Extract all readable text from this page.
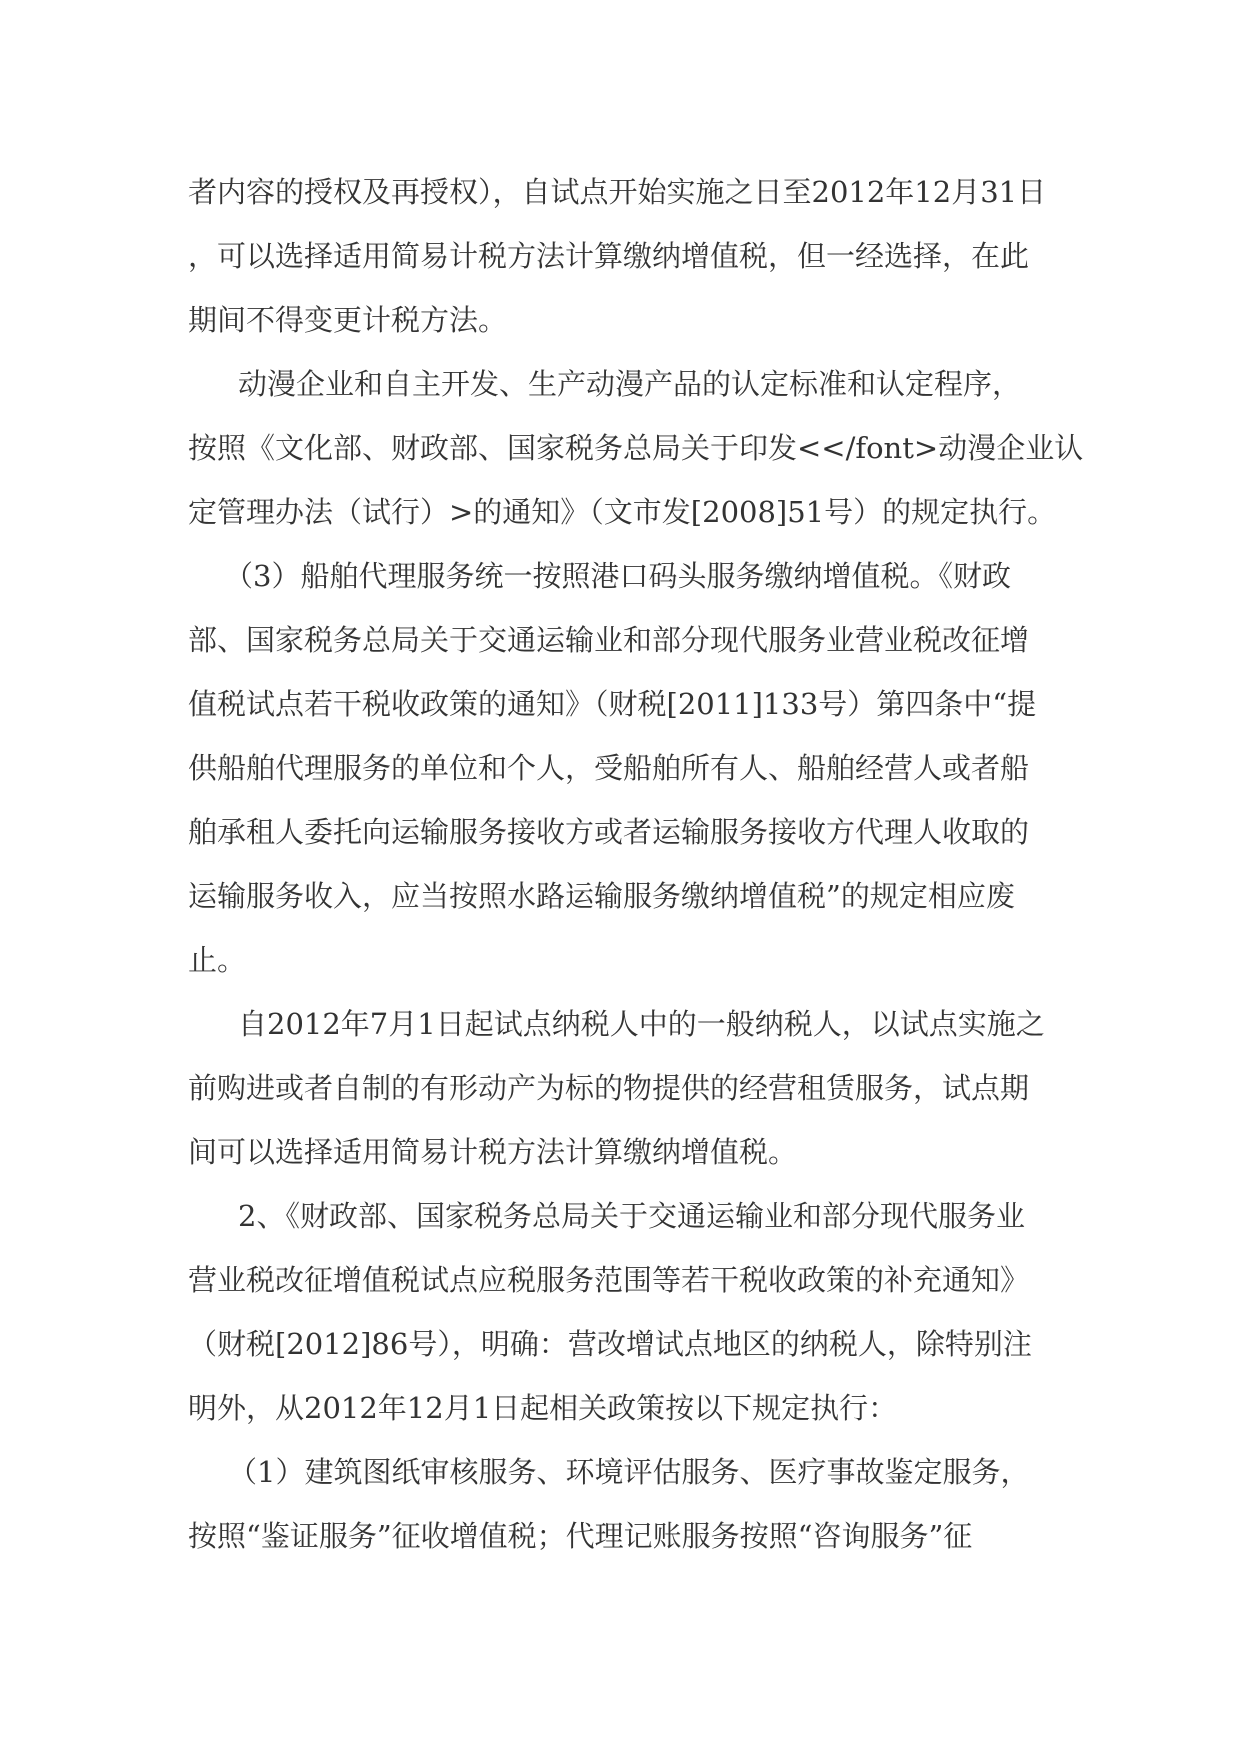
者内容的授权及再授权），自试点开始实施之日至2012年12月31日
，可以选择适用简易计税方法计算缴纳增值税，但一经选择，在此
期间不得变更计税方法。
动漫企业和自主开发、生产动漫产品的认定标准和认定程序，
按照《文化部、财政部、国家税务总局关于印发<</font>动漫企业认
定管理办法（试行）>的通知》（文市发[2008]51号）的规定执行。
（3）船舶代理服务统一按照港口码头服务缴纳增值税。《财政
部、国家税务总局关于交通运输业和部分现代服务业营业税改征增
值税试点若干税收政策的通知》（财税[2011]133号）第四条中“提
供船舶代理服务的单位和个人，受船舶所有人、船舶经营人或者船
舶承租人委托向运输服务接收方或者运输服务接收方代理人收取的
运输服务收入，应当按照水路运输服务缴纳增值税”的规定相应废
止。
自2012年7月1日起试点纳税人中的一般纳税人，以试点实施之
前购进或者自制的有形动产为标的物提供的经营租赁服务，试点期
间可以选择适用简易计税方法计算缴纳增值税。
2、《财政部、国家税务总局关于交通运输业和部分现代服务业
营业税改征增值税试点应税服务范围等若干税收政策的补充通知》
（财税[2012]86号），明确：营改增试点地区的纳税人，除特别注
明外，从2012年12月1日起相关政策按以下规定执行：
（1）建筑图纸审核服务、环境评估服务、医疗事故鉴定服务，
按照“鉴证服务”征收增值税；代理记账服务按照“咨询服务”征
